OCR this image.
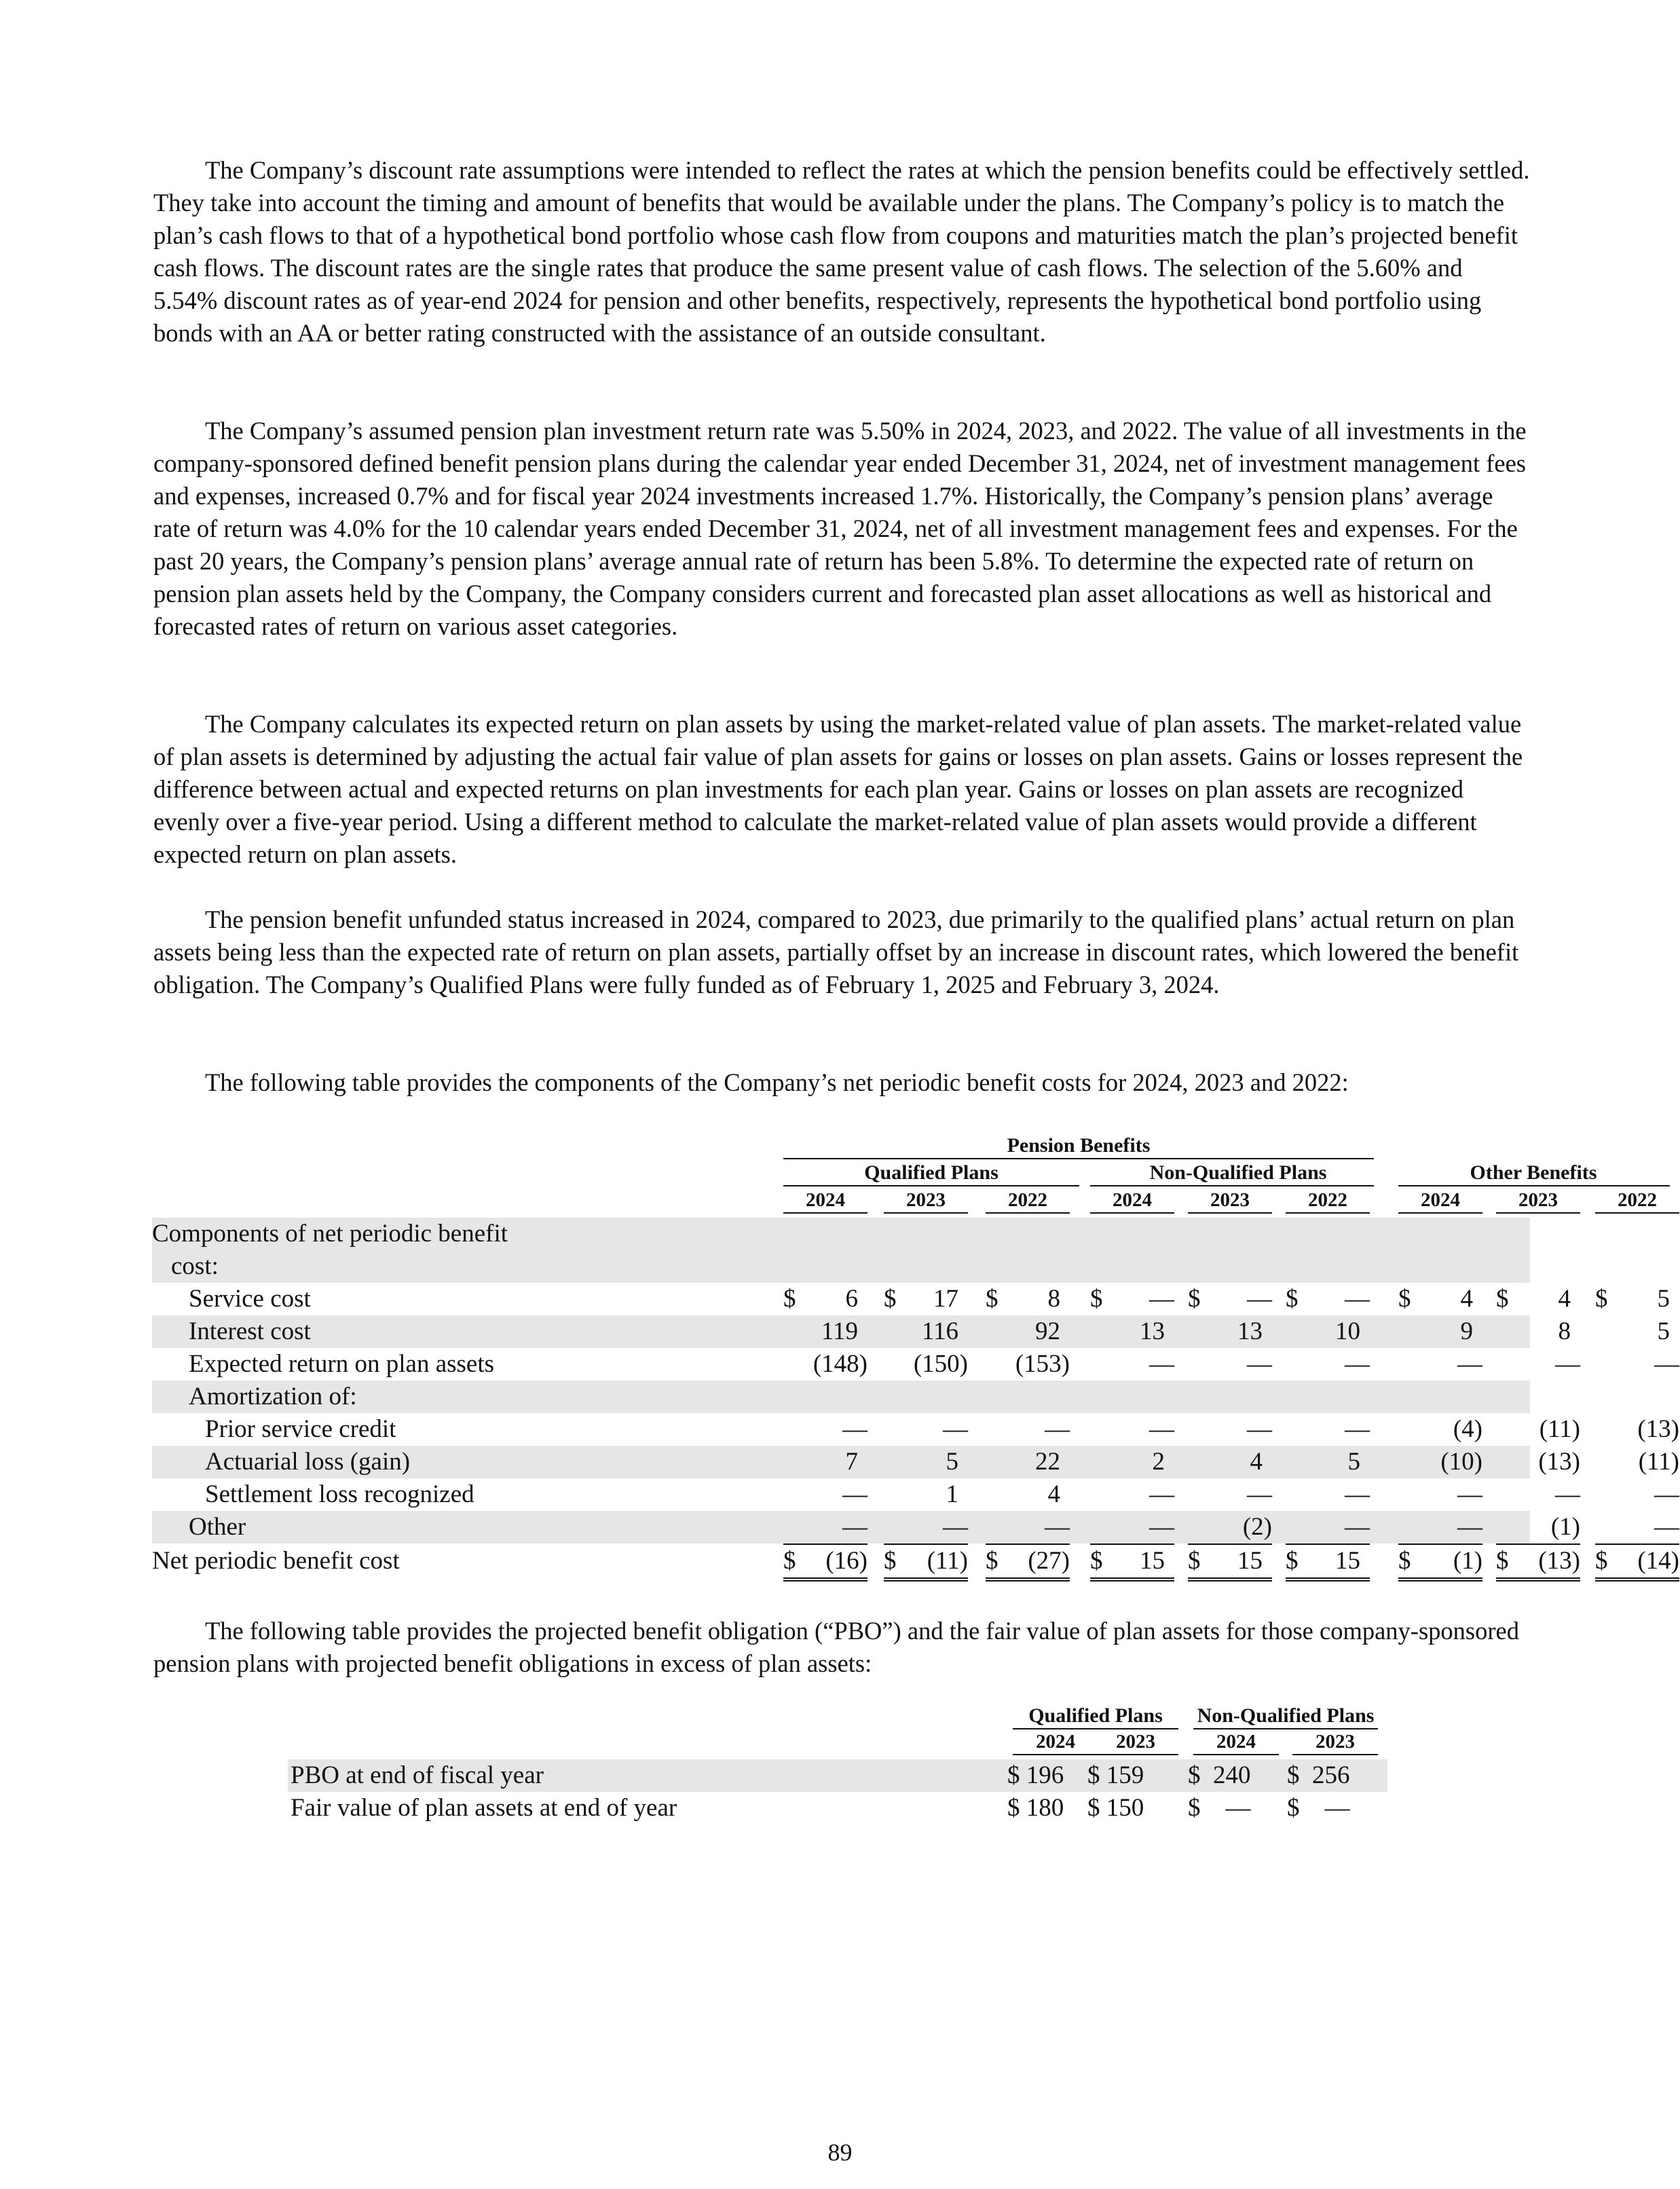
The Company’s discount rate assumptions were intended to reflect the rates at which the pension benefits could be effectively settled. They take into account the timing and amount of benefits that would be available under the plans. The Company’s policy is to match the plan’s cash flows to that of a hypothetical bond portfolio whose cash flow from coupons and maturities match the plan’s projected benefit cash flows. The discount rates are the single rates that produce the same present value of cash flows. The selection of the 5.60% and 5.54% discount rates as of year-end 2024 for pension and other benefits, respectively, represents the hypothetical bond portfolio using bonds with an AA or better rating constructed with the assistance of an outside consultant.

The Company’s assumed pension plan investment return rate was 5.50% in 2024, 2023, and 2022. The value of all investments in the company-sponsored defined benefit pension plans during the calendar year ended December 31, 2024, net of investment management fees and expenses, increased 0.7% and for fiscal year 2024 investments increased 1.7%. Historically, the Company’s pension plans’ average rate of return was 4.0% for the 10 calendar years ended December 31, 2024, net of all investment management fees and expenses. For the past 20 years, the Company’s pension plans’ average annual rate of return has been 5.8%. To determine the expected rate of return on pension plan assets held by the Company, the Company considers current and forecasted plan asset allocations as well as historical and forecasted rates of return on various asset categories.

The Company calculates its expected return on plan assets by using the market-related value of plan assets. The market-related value of plan assets is determined by adjusting the actual fair value of plan assets for gains or losses on plan assets. Gains or losses represent the difference between actual and expected returns on plan investments for each plan year. Gains or losses on plan assets are recognized evenly over a five-year period. Using a different method to calculate the market-related value of plan assets would provide a different expected return on plan assets.

The pension benefit unfunded status increased in 2024, compared to 2023, due primarily to the qualified plans’ actual return on plan assets being less than the expected rate of return on plan assets, partially offset by an increase in discount rates, which lowered the benefit obligation. The Company’s Qualified Plans were fully funded as of February 1, 2025 and February 3, 2024.

The following table provides the components of the Company’s net periodic benefit costs for 2024, 2023 and 2022:

Pension Benefits
Qualified Plans	Non-Qualified Plans	Other Benefits
2024	2023	2022	2024	2023	2022	2024	2023	2022
Components of net periodic benefit
cost:
Service cost	$ 6 $ 17 $ 8 $ — $ — $ — $ 4 $ 4 $ 5
Interest cost	119	116	92	13	13	10	9	8	5
Expected return on plan assets	(148) (150) (153)	—	—	—	—	—	—
Amortization of:
Prior service credit	—	—	—	—	—	—	(4) (11) (13)
Actuarial loss (gain)	7	5	22	2	4	5	(10) (13) (11)
Settlement loss recognized	—	1	4	—	—	—	—	—	—
Other	—	—	—	—	(2)	—	—	(1)	—
Net periodic benefit cost	$ (16) $ (11) $ (27) $ 15 $ 15 $ 15 $ (1) $ (13) $ (14)

The following table provides the projected benefit obligation (“PBO”) and the fair value of plan assets for those company-sponsored pension plans with projected benefit obligations in excess of plan assets:

Qualified Plans	Non-Qualified Plans
2024	2023	2024	2023
PBO at end of fiscal year	$ 196 $ 159 $  240 $  256
Fair value of plan assets at end of year	$ 180 $ 150 $    — $    —
89
